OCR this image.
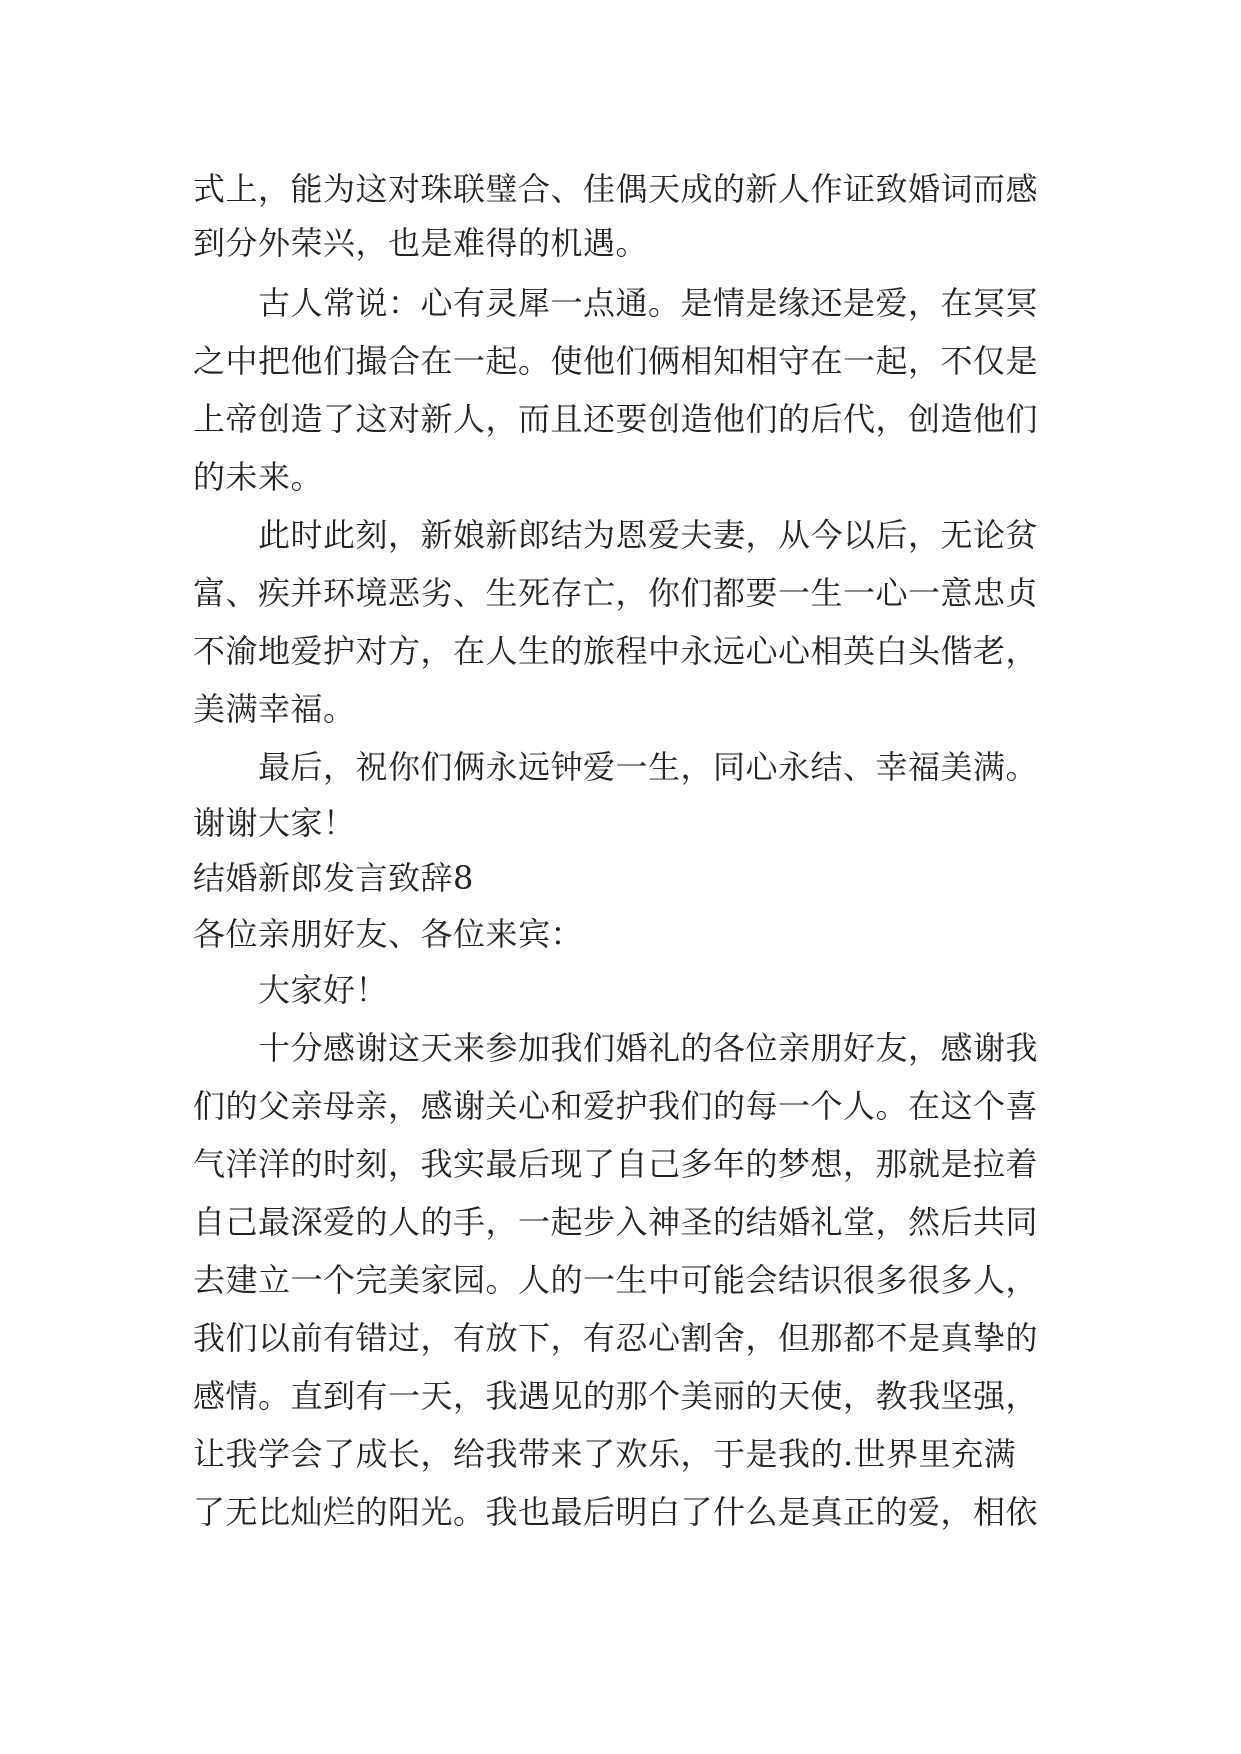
式上，能为这对珠联璧合、佳偶天成的新人作证致婚词而感
到分外荣兴，也是难得的机遇。
古人常说：心有灵犀一点通。是情是缘还是爱，在冥冥
之中把他们撮合在一起。使他们俩相知相守在一起，不仅是
上帝创造了这对新人，而且还要创造他们的后代，创造他们
的未来。
此时此刻，新娘新郎结为恩爱夫妻，从今以后，无论贫
富、疾并环境恶劣、生死存亡，你们都要一生一心一意忠贞
不渝地爱护对方，在人生的旅程中永远心心相英白头偕老，
美满幸福。
最后，祝你们俩永远钟爱一生，同心永结、幸福美满。
谢谢大家！
结婚新郎发言致辞8
各位亲朋好友、各位来宾：
大家好！
十分感谢这天来参加我们婚礼的各位亲朋好友，感谢我
们的父亲母亲，感谢关心和爱护我们的每一个人。在这个喜
气洋洋的时刻，我实最后现了自己多年的梦想，那就是拉着
自己最深爱的人的手，一起步入神圣的结婚礼堂，然后共同
去建立一个完美家园。人的一生中可能会结识很多很多人，
我们以前有错过，有放下，有忍心割舍，但那都不是真挚的
感情。直到有一天，我遇见的那个美丽的天使，教我坚强，
让我学会了成长，给我带来了欢乐，于是我的.世界里充满
了无比灿烂的阳光。我也最后明白了什么是真正的爱，相依
